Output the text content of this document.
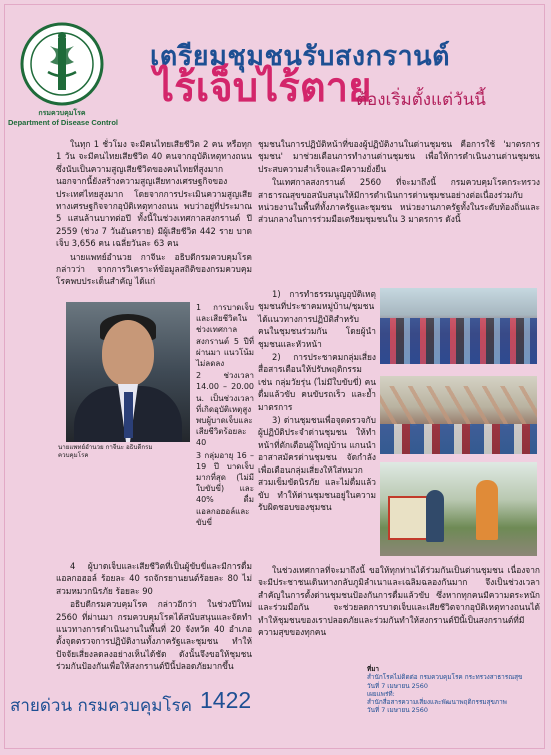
กรมควบคุมโรค
Department of Disease Control
เตรียมชุมชนรับสงกรานต์
ไร้เจ็บไร้ตาย
ต้องเริ่มตั้งแต่วันนี้

ในทุก 1 ชั่วโมง จะมีคนไทยเสียชีวิต 2 คน หรือทุก 1 วัน จะมีคนไทยเสียชีวิต 40 คนจากอุบัติเหตุทางถนน ซึ่งนับเป็นความสูญเสียชีวิตของคนไทยที่สูงมาก นอกจากนี้ยังสร้างความสูญเสียทางเศรษฐกิจของประเทศไทยสูงมาก โดยจากการประเมินความสูญเสียทางเศรษฐกิจจากอุบัติเหตุทางถนน พบว่าอยู่ที่ประมาณ 5 แสนล้านบาทต่อปี ทั้งนี้ในช่วงเทศกาลสงกรานต์ ปี 2559 (ช่วง 7 วันอันตราย) มีผู้เสียชีวิต 442 ราย บาดเจ็บ 3,656 คน เฉลี่ยวันละ 63 คน

นายแพทย์อำนวย กาจีนะ อธิบดีกรมควบคุมโรค กล่าวว่า จากการวิเคราะห์ข้อมูลสถิติของกรมควบคุมโรคพบประเด็นสำคัญ ได้แก่

นายแพทย์อำนวย กาจีนะ อธิบดีกรมควบคุมโรค

1 การบาดเจ็บและเสียชีวิตในช่วงเทศกาลสงกรานต์ 5 ปีที่ผ่านมา แนวโน้มไม่ลดลง

2 ช่วงเวลา 14.00 – 20.00 น. เป็นช่วงเวลาที่เกิดอุบัติเหตุสูง พบผู้บาดเจ็บและเสียชีวิตร้อยละ 40

3 กลุ่มอายุ 16 – 19 ปี บาดเจ็บมากที่สุด (ไม่มีใบขับขี่) และ 40% ดื่มแอลกอฮอล์และขับขี่

4 ผู้บาดเจ็บและเสียชีวิตที่เป็นผู้ขับขี่และมีการดื่มแอลกอฮอล์ ร้อยละ 40 รถจักรยานยนต์ร้อยละ 80 ไม่สวมหมวกนิรภัย ร้อยละ 90

อธิบดีกรมควบคุมโรค กล่าวอีกว่า ในช่วงปีใหม่ 2560 ที่ผ่านมา กรมควบคุมโรคได้สนับสนุนและจัดทำแนวทางการดำเนินงานในพื้นที่ 20 จังหวัด 40 อำเภอ ตั้งจุดตรวจการปฏิบัติงานทั้งภาครัฐและชุมชน ทำให้ปัจจัยเสี่ยงลดลงอย่างเห็นได้ชัด ดังนั้นจึงขอให้ชุมชนร่วมกันป้องกันเพื่อให้สงกรานต์ปีนี้ปลอดภัยมากขึ้น

ชุมชนในการปฏิบัติหน้าที่ของผู้ปฏิบัติงานในด่านชุมชน คือการใช้ 'มาตรการชุมชน' มาช่วยเตือนการทำงานด่านชุมชน เพื่อให้การดำเนินงานด่านชุมชนประสบความสำเร็จและมีความยั่งยืน

ในเทศกาลสงกรานต์ 2560 ที่จะมาถึงนี้ กรมควบคุมโรคกระทรวงสาธารณสุขขอสนับสนุนให้มีการดำเนินการด่านชุมชนอย่างต่อเนื่องร่วมกับหน่วยงานในพื้นที่ทั้งภาครัฐและชุมชน หน่วยงานภาครัฐทั้งในระดับท้องถิ่นและส่วนกลางในการร่วมมือเตรียมชุมชนใน 3 มาตรการ ดังนี้

1) การทำธรรมนูญอุบัติเหตุชุมชนที่ประชาคมหมู่บ้าน/ชุมชน ได้แนวทางการปฏิบัติสำหรับคนในชุมชนร่วมกัน โดยผู้นำชุมชนและหัวหน้า

2) การประชาคมกลุ่มเสี่ยง สื่อสารเตือนให้ปรับพฤติกรรม เช่น กลุ่มวัยรุ่น (ไม่มีใบขับขี่) คนดื่มแล้วขับ คนขับรถเร็ว และย้ำมาตรการ

3) ด่านชุมชนเพื่อจุดตรวจกับผู้ปฏิบัติประจำด่านชุมชน ให้ทำหน้าที่ตักเตือนผู้ใหญ่บ้าน แกนนำอาสาสมัครด่านชุมชน จัดกำลังเพื่อเตือนกลุ่มเสี่ยงให้ใส่หมวก สวมเข็มขัดนิรภัย และไม่ดื่มแล้วขับ ทำให้ด่านชุมชนอยู่ในความรับผิดชอบของชุมชน

ในช่วงเทศกาลที่จะมาถึงนี้ ขอให้ทุกท่านได้ร่วมกันเป็นด่านชุมชน เนื่องจากจะมีประชาชนเดินทางกลับภูมิลำเนาและเฉลิมฉลองกันมาก จึงเป็นช่วงเวลาสำคัญในการตั้งด่านชุมชนป้องกันการดื่มแล้วขับ ซึ่งหากทุกคนมีความตระหนักและร่วมมือกัน จะช่วยลดการบาดเจ็บและเสียชีวิตจากอุบัติเหตุทางถนนได้ ทำให้ชุมชนของเราปลอดภัยและร่วมกันทำให้สงกรานต์ปีนี้เป็นสงกรานต์ที่มีความสุขของทุกคน

ที่มา
สำนักโรคไม่ติดต่อ กรมควบคุมโรค กระทรวงสาธารณสุข
วันที่ 7 เมษายน 2560
เผยแพร่ที่:
สำนักสื่อสารความเสี่ยงและพัฒนาพฤติกรรมสุขภาพ
วันที่ 7 เมษายน 2560
สายด่วน กรมควบคุมโรค 1422
